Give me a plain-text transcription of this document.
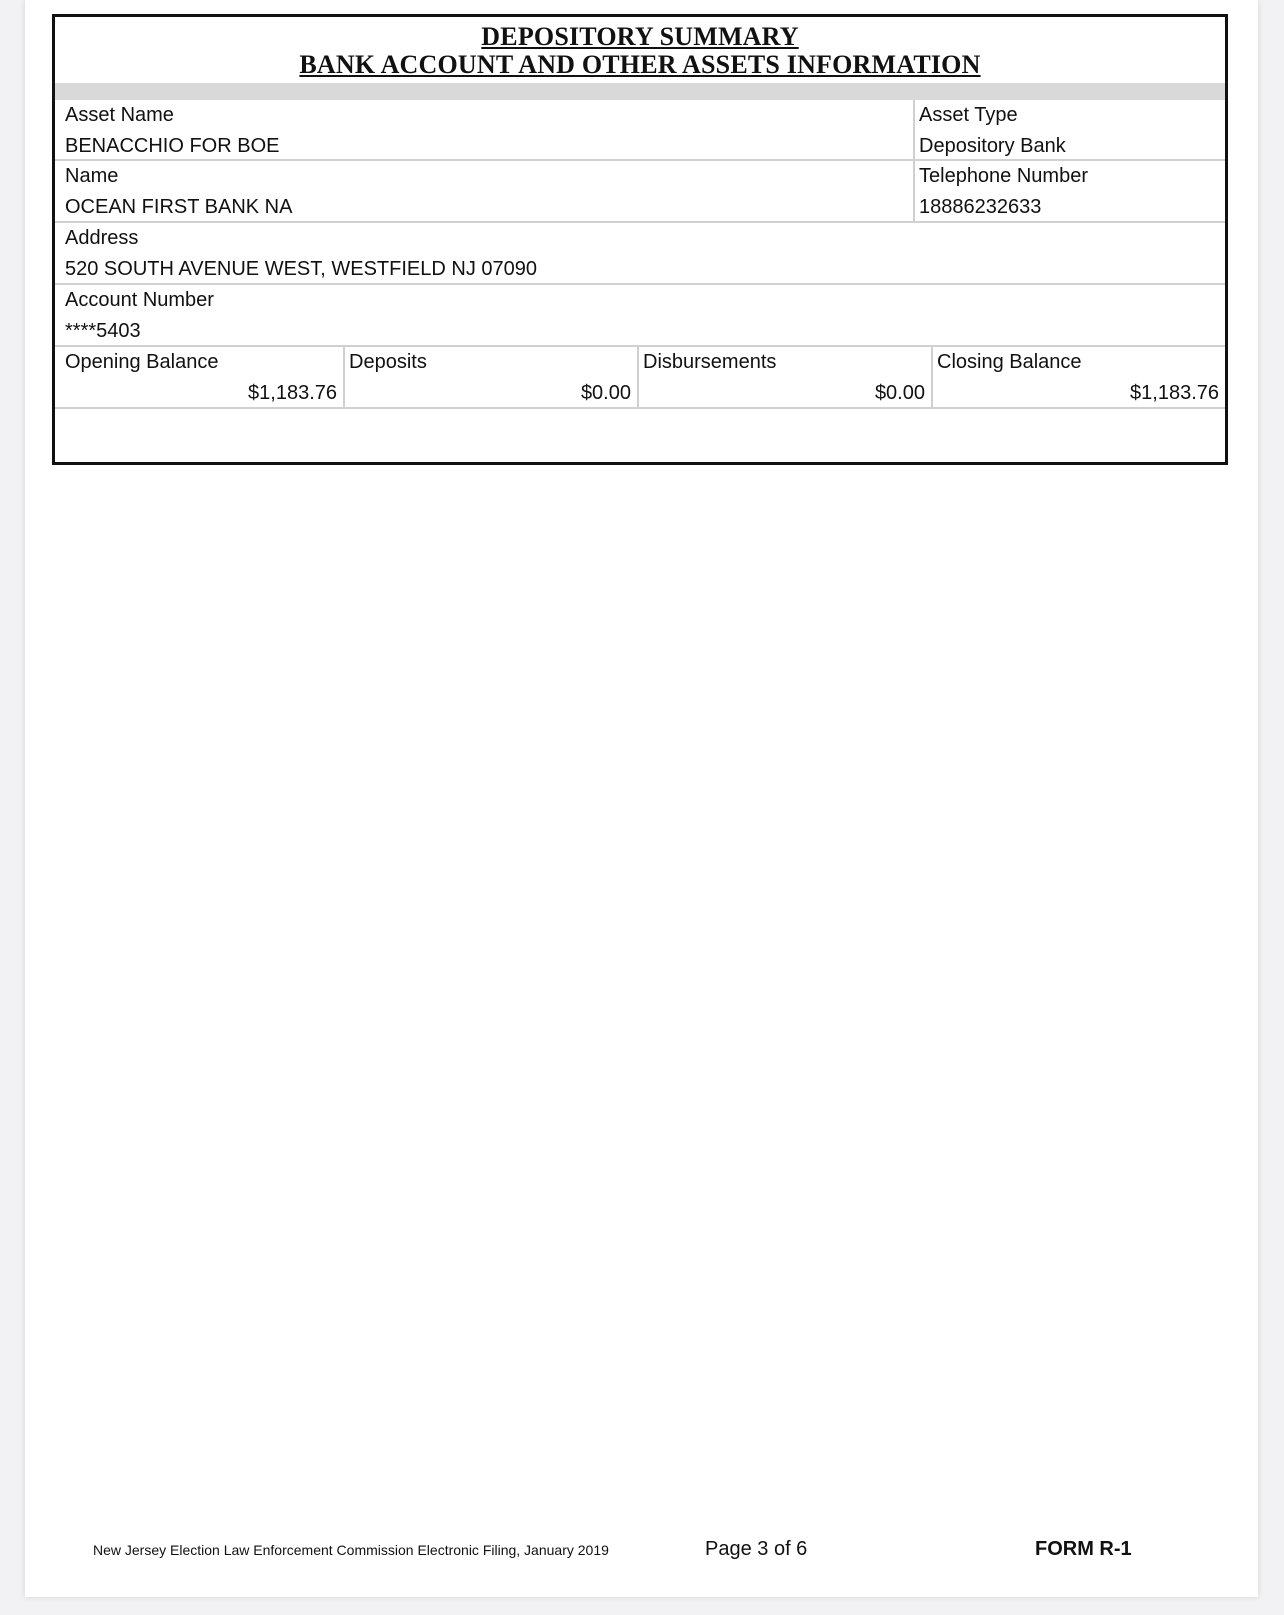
DEPOSITORY SUMMARY
BANK ACCOUNT AND OTHER ASSETS INFORMATION
Asset Name
BENACCHIO FOR BOE
Asset Type
Depository Bank
Name
OCEAN FIRST BANK NA
Telephone Number
18886232633
Address
520 SOUTH AVENUE WEST, WESTFIELD NJ 07090
Account Number
****5403
Opening Balance
$1,183.76
Deposits
$0.00
Disbursements
$0.00
Closing Balance
$1,183.76
New Jersey Election Law Enforcement Commission Electronic Filing, January 2019	Page 3 of 6	FORM R-1
